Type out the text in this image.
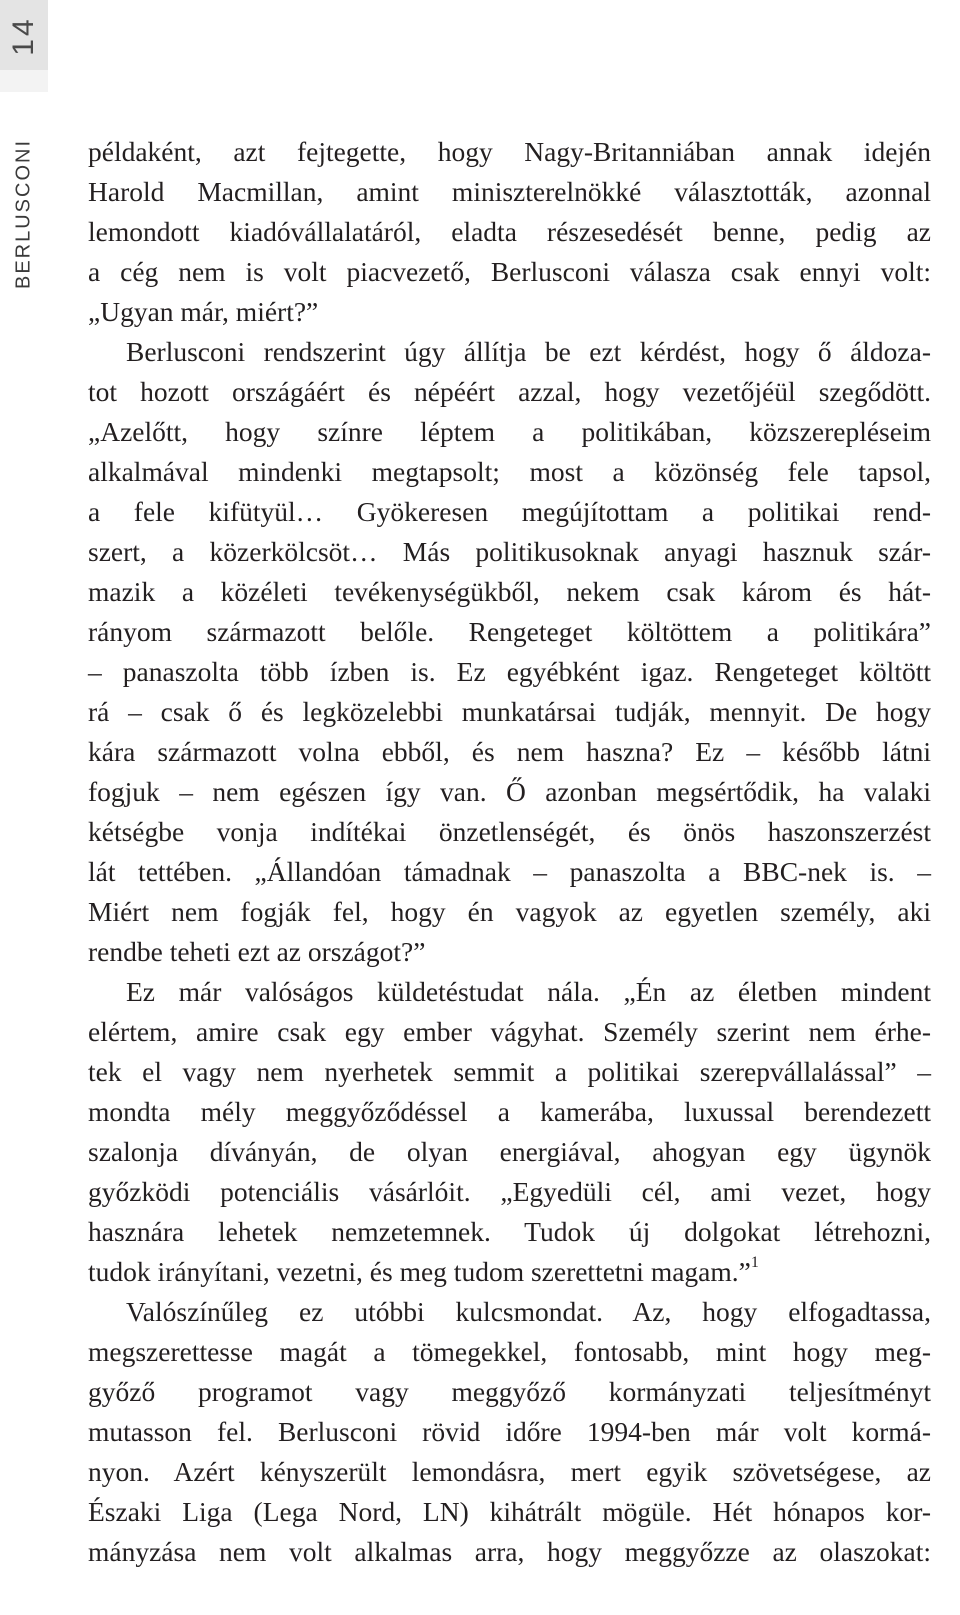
14
BERLUSCONI példaként, azt fejtegette, hogy Nagy-Britanniában annak idején
Harold Macmillan, amint miniszterelnökké választották, azonnal
lemondott kiadóvállalatáról, eladta részesedését benne, pedig az
a cég nem is volt piacvezető, Berlusconi válasza csak ennyi volt:
„Ugyan már, miért?”
Berlusconi rendszerint úgy állítja be ezt kérdést, hogy ő áldoza-
tot hozott országáért és népéért azzal, hogy vezetőjéül szegődött.
„Azelőtt, hogy színre léptem a politikában, közszerepléseim
alkalmával mindenki megtapsolt; most a közönség fele tapsol,
a fele kifütyül… Gyökeresen megújítottam a politikai rend-
szert, a közerkölcsöt… Más politikusoknak anyagi hasznuk szár-
mazik a közéleti tevékenységükből, nekem csak károm és hát-
rányom származott belőle. Rengeteget költöttem a politikára”
– panaszolta több ízben is. Ez egyébként igaz. Rengeteget költött
rá – csak ő és legközelebbi munkatársai tudják, mennyit. De hogy
kára származott volna ebből, és nem haszna? Ez – később látni
fogjuk – nem egészen így van. Ő azonban megsértődik, ha valaki
kétségbe vonja indítékai önzetlenségét, és önös haszonszerzést
lát tettében. „Állandóan támadnak – panaszolta a BBC-nek is. –
Miért nem fogják fel, hogy én vagyok az egyetlen személy, aki
rendbe teheti ezt az országot?”
Ez már valóságos küldetéstudat nála. „Én az életben mindent
elértem, amire csak egy ember vágyhat. Személy szerint nem érhe-
tek el vagy nem nyerhetek semmit a politikai szerepvállalással” –
mondta mély meggyőződéssel a kamerába, luxussal berendezett
szalonja díványán, de olyan energiával, ahogyan egy ügynök
győzködi potenciális vásárlóit. „Egyedüli cél, ami vezet, hogy
hasznára lehetek nemzetemnek. Tudok új dolgokat létrehozni,
tudok irányítani, vezetni, és meg tudom szerettetni magam.”$^1$
Valószínűleg ez utóbbi kulcsmondat. Az, hogy elfogadtassa,
megszerettesse magát a tömegekkel, fontosabb, mint hogy meg-
győző programot vagy meggyőző kormányzati teljesítményt
mutasson fel. Berlusconi rövid időre 1994-ben már volt kormá-
nyon. Azért kényszerült lemondásra, mert egyik szövetségese, az
Északi Liga (Lega Nord, LN) kihátrált mögüle. Hét hónapos kor-
mányzása nem volt alkalmas arra, hogy meggyőzze az olaszokat:
